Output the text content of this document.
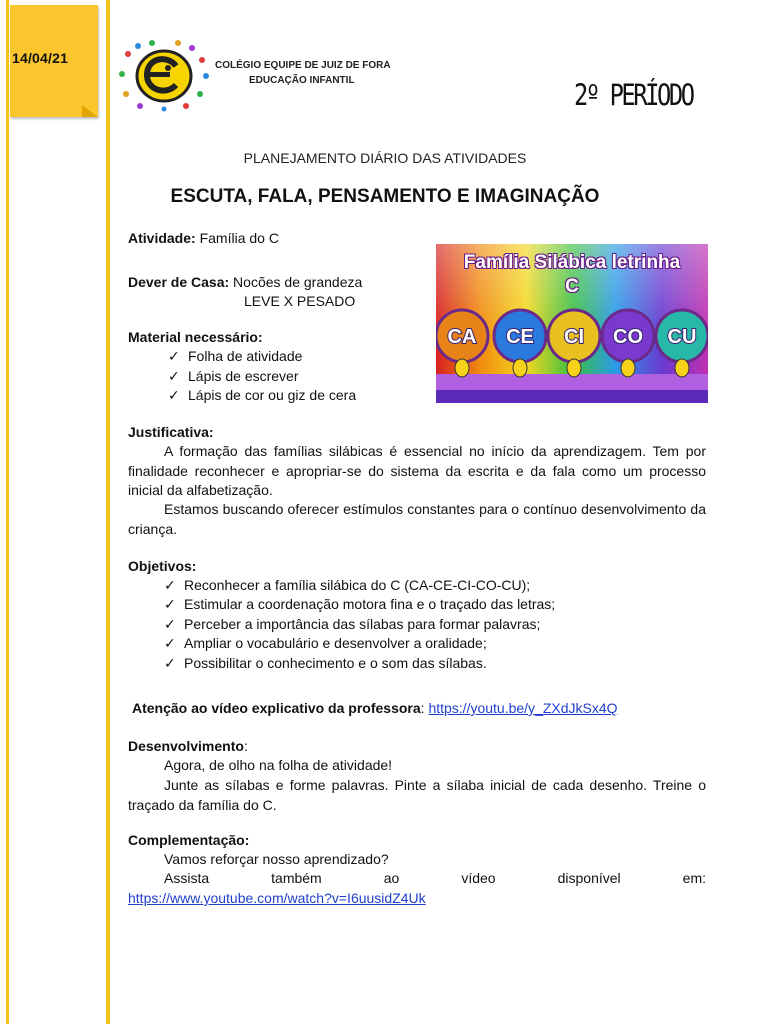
14/04/21	COLÉGIO EQUIPE DE JUIZ DE FORA
EDUCAÇÃO INFANTIL	2º PERÍODO
PLANEJAMENTO DIÁRIO DAS ATIVIDADES
ESCUTA, FALA, PENSAMENTO E IMAGINAÇÃO
Atividade: Família do C
Dever de Casa: Nocões de grandeza
LEVE X PESADO
Material necessário:
✓ Folha de atividade
✓ Lápis de escrever
✓ Lápis de cor ou giz de cera
CA CE CI CO CU
Família Silábica letrinha
C
Justificativa:
A formação das famílias silábicas é essencial no início da aprendizagem. Tem por finalidade reconhecer e apropriar-se do sistema da escrita e da fala como um processo inicial da alfabetização.
Estamos buscando oferecer estímulos constantes para o contínuo desenvolvimento da criança.
Objetivos:
✓ Reconhecer a família silábica do C (CA-CE-CI-CO-CU);
✓ Estimular a coordenação motora fina e o traçado das letras;
✓ Perceber a importância das sílabas para formar palavras;
✓ Ampliar o vocabulário e desenvolver a oralidade;
✓ Possibilitar o conhecimento e o som das sílabas.
Atenção ao vídeo explicativo da professora: https://youtu.be/y_ZXdJkSx4Q
Desenvolvimento:
Agora, de olho na folha de atividade!
Junte as sílabas e forme palavras. Pinte a sílaba inicial de cada desenho. Treine o traçado da família do C.
Complementação:
Vamos reforçar nosso aprendizado?
Assista	também	ao	vídeo	disponível	em:
https://www.youtube.com/watch?v=I6uusidZ4Uk
